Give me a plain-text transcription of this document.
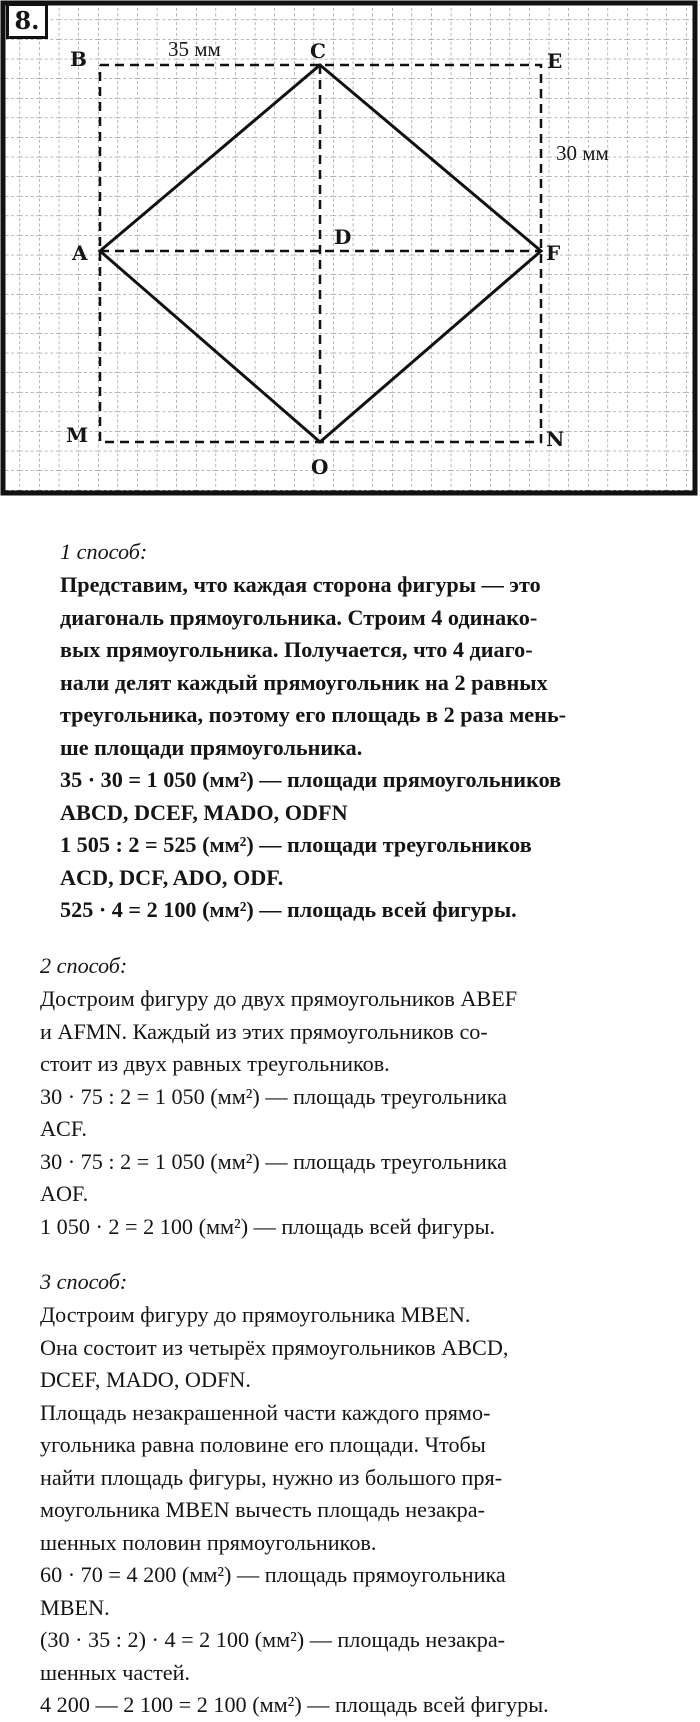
8.
B	C	E
A
D
F
M
O
N
35 мм
30 мм
1 способ:
Представим, что каждая сторона фигуры — это
диагональ прямоугольника. Строим 4 одинако-
вых прямоугольника. Получается, что 4 диаго-
нали делят каждый прямоугольник на 2 равных
треугольника, поэтому его площадь в 2 раза мень-
ше площади прямоугольника.
35 · 30 = 1 050 (мм²) — площади прямоугольников
ABCD, DCEF, MADO, ODFN
1 505 : 2 = 525 (мм²) — площади треугольников
ACD, DCF, ADO, ODF.
525 · 4 = 2 100 (мм²) — площадь всей фигуры.
2 способ:
Достроим фигуру до двух прямоугольников ABEF
и AFMN. Каждый из этих прямоугольников со-
стоит из двух равных треугольников.
30 · 75 : 2 = 1 050 (мм²) — площадь треугольника
ACF.
30 · 75 : 2 = 1 050 (мм²) — площадь треугольника
AOF.
1 050 · 2 = 2 100 (мм²) — площадь всей фигуры.
3 способ:
Достроим фигуру до прямоугольника MBEN.
Она состоит из четырёх прямоугольников ABCD,
DCEF, MADO, ODFN.
Площадь незакрашенной части каждого прямо-
угольника равна половине его площади. Чтобы
найти площадь фигуры, нужно из большого пря-
моугольника MBEN вычесть площадь незакра-
шенных половин прямоугольников.
60 · 70 = 4 200 (мм²) — площадь прямоугольника
MBEN.
(30 · 35 : 2) · 4 = 2 100 (мм²) — площадь незакра-
шенных частей.
4 200 — 2 100 = 2 100 (мм²) — площадь всей фигуры.
